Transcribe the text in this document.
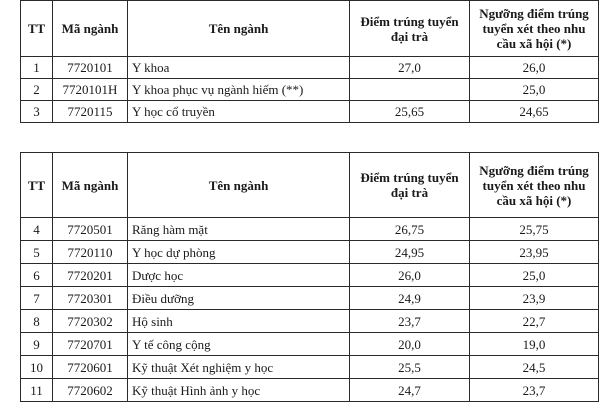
TT	Mã ngành	Tên ngành	Điểm trúng tuyển đại trà	Ngưỡng điểm trúng tuyển xét theo nhu cầu xã hội (*)
1	7720101	Y khoa	27,0	26,0
2	7720101H	Y khoa phục vụ ngành hiếm (**)		25,0
3	7720115	Y học cổ truyền	25,65	24,65
TT	Mã ngành	Tên ngành	Điểm trúng tuyển đại trà	Ngưỡng điểm trúng tuyển xét theo nhu cầu xã hội (*)
4	7720501	Răng hàm mặt	26,75	25,75
5	7720110	Y học dự phòng	24,95	23,95
6	7720201	Dược học	26,0	25,0
7	7720301	Điều dưỡng	24,9	23,9
8	7720302	Hộ sinh	23,7	22,7
9	7720701	Y tế công cộng	20,0	19,0
10	7720601	Kỹ thuật Xét nghiệm y học	25,5	24,5
11	7720602	Kỹ thuật Hình ảnh y học	24,7	23,7
